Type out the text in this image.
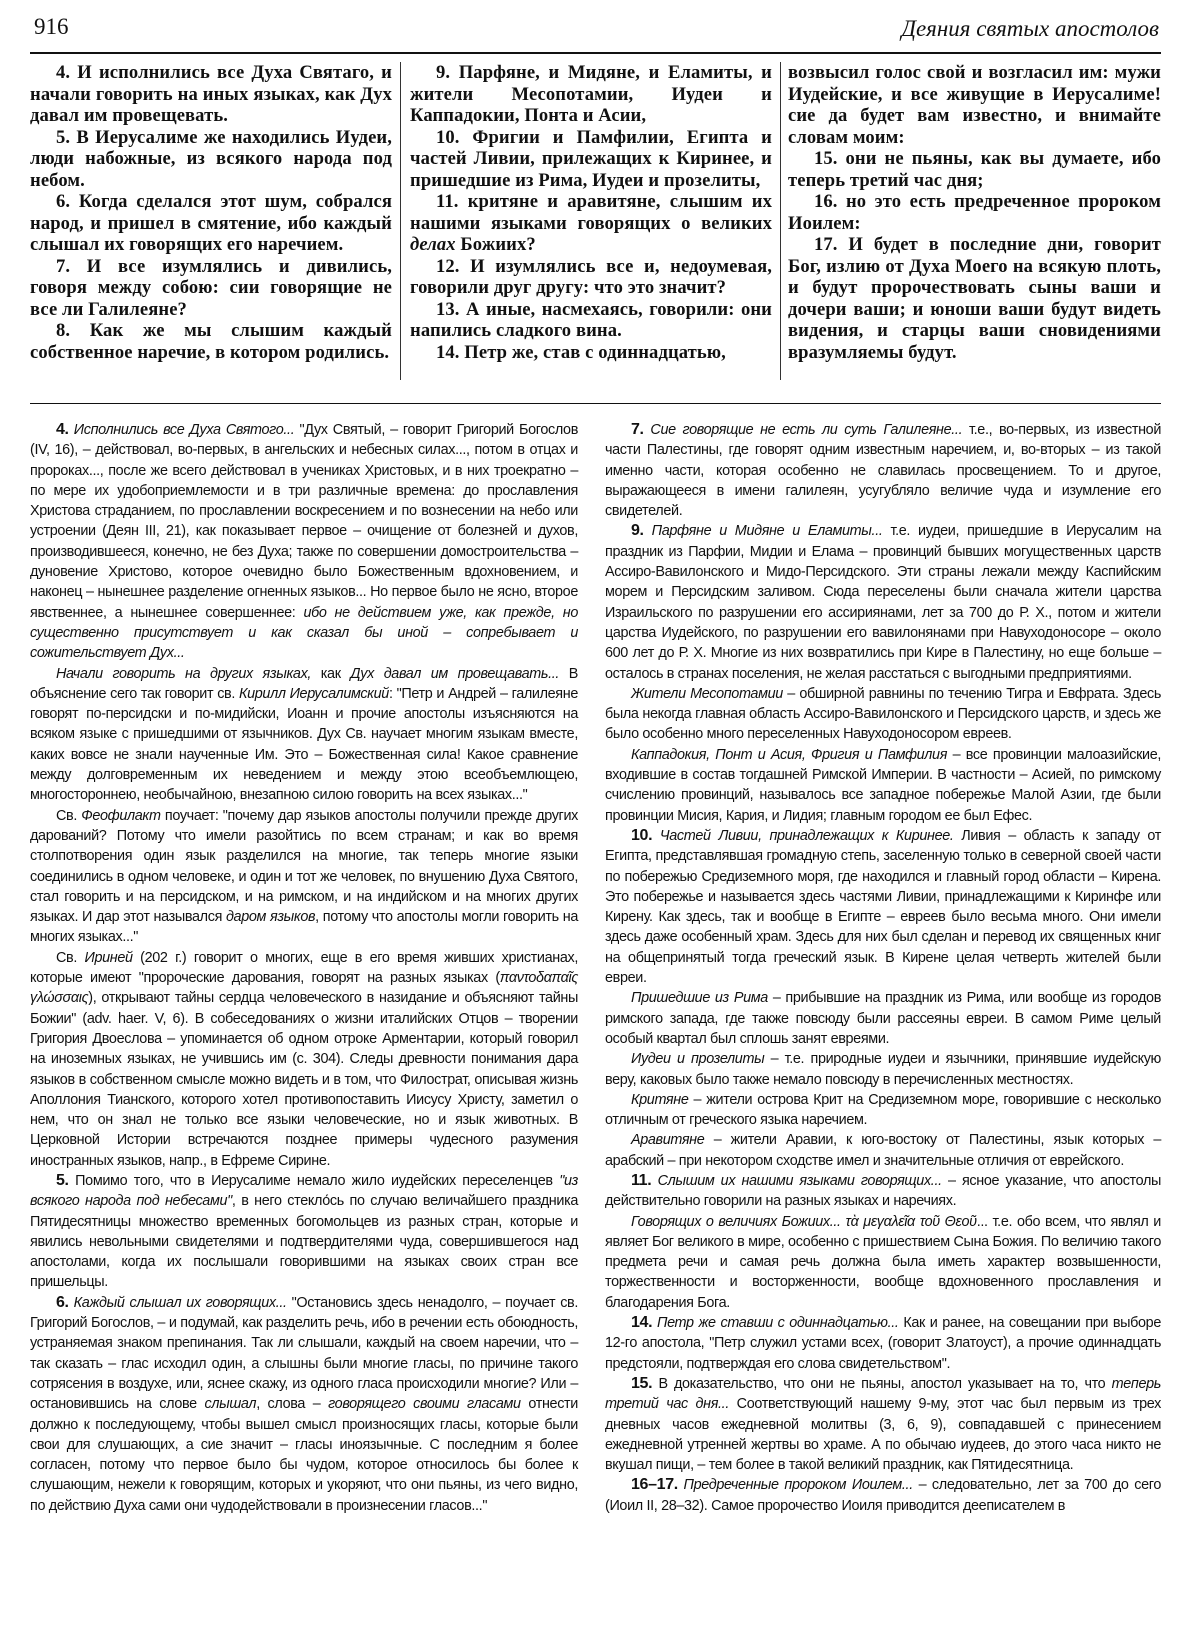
916	Деяния святых апостолов

4. И исполнились все Духа Святаго, и начали говорить на иных языках, как Дух давал им провещевать.

5. В Иерусалиме же находились Иудеи, люди набожные, из всякого народа под небом.

6. Когда сделался этот шум, собрался народ, и пришел в смятение, ибо каждый слышал их говорящих его наречием.

7. И все изумлялись и дивились, говоря между собою: сии говорящие не все ли Галилеяне?

8. Как же мы слышим каждый собственное наречие, в котором родились.

9. Парфяне, и Мидяне, и Еламиты, и жители Месопотамии, Иудеи и Каппадокии, Понта и Асии,

10. Фригии и Памфилии, Египта и частей Ливии, прилежащих к Киринее, и пришедшие из Рима, Иудеи и прозелиты,

11. критяне и аравитяне, слышим их нашими языками говорящих о великих делах Божиих?

12. И изумлялись все и, недоумевая, говорили друг другу: что это значит?

13. А иные, насмехаясь, говорили: они напились сладкого вина.

14. Петр же, став с одиннадцатью,

возвысил голос свой и возгласил им: мужи Иудейские, и все живущие в Иерусалиме! сие да будет вам известно, и внимайте словам моим:

15. они не пьяны, как вы думаете, ибо теперь третий час дня;

16. но это есть предреченное пророком Иоилем:

17. И будет в последние дни, говорит Бог, излию от Духа Моего на всякую плоть, и будут пророчествовать сыны ваши и дочери ваши; и юноши ваши будут видеть видения, и старцы ваши сновидениями вразумляемы будут.

4. Исполнились все Духа Святого... "Дух Святый, – говорит Григорий Богослов (IV, 16), – действовал, во-первых, в ангельских и небесных силах..., потом в отцах и пророках..., после же всего действовал в учениках Христовых, и в них троекратно – по мере их удобоприемлемости и в три различные времена: до прославления Христова страданием, по прославлении воскресением и по вознесении на небо или устроении (Деян III, 21), как показывает первое – очищение от болезней и духов, производившееся, конечно, не без Духа; также по совершении домостроительства – дуновение Христово, которое очевидно было Божественным вдохновением, и наконец – нынешнее разделение огненных языков... Но первое было не ясно, второе явственнее, а нынешнее совершеннее: ибо не действием уже, как прежде, но существенно присутствует и как сказал бы иной – сопребывает и сожительствует Дух...

Начали говорить на других языках, как Дух давал им провещавать... В объяснение сего так говорит св. Кирилл Иерусалимский: "Петр и Андрей – галилеяне говорят по-персидски и по-мидийски, Иоанн и прочие апостолы изъясняются на всяком языке с пришедшими от язычников. Дух Св. научает многим языкам вместе, каких вовсе не знали наученные Им. Это – Божественная сила! Какое сравнение между долговременным их неведением и между этою всеобъемлющею, многостороннею, необычайною, внезапною силою говорить на всех языках..."

Св. Феофилакт поучает: "почему дар языков апостолы получили прежде других дарований? Потому что имели разойтись по всем странам; и как во время столпотворения один язык разделился на многие, так теперь многие языки соединились в одном человеке, и один и тот же человек, по внушению Духа Святого, стал говорить и на персидском, и на римском, и на индийском и на многих других языках. И дар этот назывался даром языков, потому что апостолы могли говорить на многих языках..."

Св. Ириней (202 г.) говорит о многих, еще в его время живших христианах, которые имеют "пророческие дарования, говорят на разных языках (παντοδαπαῖς γλώσσαις), открывают тайны сердца человеческого в назидание и объясняют тайны Божии" (adv. haer. V, 6). В собеседованиях о жизни италийских Отцов – творении Григория Двоеслова – упоминается об одном отроке Арментарии, который говорил на иноземных языках, не учившись им (с. 304). Следы древности понимания дара языков в собственном смысле можно видеть и в том, что Филострат, описывая жизнь Аполлония Тианского, которого хотел противопоставить Иисусу Христу, заметил о нем, что он знал не только все языки человеческие, но и язык животных. В Церковной Истории встречаются позднее примеры чудесного разумения иностранных языков, напр., в Ефреме Сирине.

5. Помимо того, что в Иерусалиме немало жило иудейских переселенцев "из всякого народа под небесами", в него стекло́сь по случаю величайшего праздника Пятидесятницы множество временных богомольцев из разных стран, которые и явились невольными свидетелями и подтвердителями чуда, совершившегося над апостолами, когда их послышали говорившими на языках своих стран все пришельцы.

6. Каждый слышал их говорящих... "Остановись здесь ненадолго, – поучает св. Григорий Богослов, – и подумай, как разделить речь, ибо в речении есть обоюдность, устраняемая знаком препинания. Так ли слышали, каждый на своем наречии, что – так сказать – глас исходил один, а слышны были многие гласы, по причине такого сотрясения в воздухе, или, яснее скажу, из одного гласа происходили многие? Или – остановившись на слове слышал, слова – говорящего своими гласами отнести должно к последующему, чтобы вышел смысл произносящих гласы, которые были свои для слушающих, а сие значит – гласы иноязычные. С последним я более согласен, потому что первое было бы чудом, которое относилось бы более к слушающим, нежели к говорящим, которых и укоряют, что они пьяны, из чего видно, по действию Духа сами они чудодействовали в произнесении гласов..."

7. Сие говорящие не есть ли суть Галилеяне... т.е., во-первых, из известной части Палестины, где говорят одним известным наречием, и, во-вторых – из такой именно части, которая особенно не славилась просвещением. То и другое, выражающееся в имени галилеян, усугубляло величие чуда и изумление его свидетелей.

9. Парфяне и Мидяне и Еламиты... т.е. иудеи, пришедшие в Иерусалим на праздник из Парфии, Мидии и Елама – провинций бывших могущественных царств Ассиро-Вавилонского и Мидо-Персидского. Эти страны лежали между Каспийским морем и Персидским заливом. Сюда переселены были сначала жители царства Израильского по разрушении его ассириянами, лет за 700 до Р. Х., потом и жители царства Иудейского, по разрушении его вавилонянами при Навуходоносоре – около 600 лет до Р. Х. Многие из них возвратились при Кире в Палестину, но еще больше – осталось в странах поселения, не желая расстаться с выгодными предприятиями.

Жители Месопотамии – обширной равнины по течению Тигра и Евфрата. Здесь была некогда главная область Ассиро-Вавилонского и Персидского царств, и здесь же было особенно много переселенных Навуходоносором евреев.

Каппадокия, Понт и Асия, Фригия и Памфилия – все провинции малоазийские, входившие в состав тогдашней Римской Империи. В частности – Асией, по римскому счислению провинций, называлось все западное побережье Малой Азии, где были провинции Мисия, Кария, и Лидия; главным городом ее был Ефес.

10. Частей Ливии, принадлежащих к Киринее. Ливия – область к западу от Египта, представлявшая громадную степь, заселенную только в северной своей части по побережью Средиземного моря, где находился и главный город области – Кирена. Это побережье и называется здесь частями Ливии, принадлежащими к Киринфе или Кирену. Как здесь, так и вообще в Египте – евреев было весьма много. Они имели здесь даже особенный храм. Здесь для них был сделан и перевод их священных книг на общепринятый тогда греческий язык. В Кирене целая четверть жителей были евреи.

Пришедшие из Рима – прибывшие на праздник из Рима, или вообще из городов римского запада, где также повсюду были рассеяны евреи. В самом Риме целый особый квартал был сплошь занят евреями.

Иудеи и прозелиты – т.е. природные иудеи и язычники, принявшие иудейскую веру, каковых было также немало повсюду в перечисленных местностях.

Критяне – жители острова Крит на Средиземном море, говорившие с несколько отличным от греческого языка наречием.

Аравитяне – жители Аравии, к юго-востоку от Палестины, язык которых – арабский – при некотором сходстве имел и значительные отличия от еврейского.

11. Слышим их нашими языками говорящих... – ясное указание, что апостолы действительно говорили на разных языках и наречиях.

Говорящих о величиях Божиих... τὰ μεγαλεῖα τοῦ Θεοῦ... т.е. обо всем, что являл и являет Бог великого в мире, особенно с пришествием Сына Божия. По величию такого предмета речи и самая речь должна была иметь характер возвышенности, торжественности и восторженности, вообще вдохновенного прославления и благодарения Бога.

14. Петр же ставши с одиннадцатью... Как и ранее, на совещании при выборе 12-го апостола, "Петр служил устами всех, (говорит Златоуст), а прочие одиннадцать предстояли, подтверждая его слова свидетельством".

15. В доказательство, что они не пьяны, апостол указывает на то, что теперь третий час дня... Соответствующий нашему 9-му, этот час был первым из трех дневных часов ежедневной молитвы (3, 6, 9), совпадавшей с принесением ежедневной утренней жертвы во храме. А по обычаю иудеев, до этого часа никто не вкушал пищи, – тем более в такой великий праздник, как Пятидесятница.

16–17. Предреченные пророком Иоилем... – следовательно, лет за 700 до сего (Иоил II, 28–32). Самое пророчество Иоиля приводится дееписателем в
